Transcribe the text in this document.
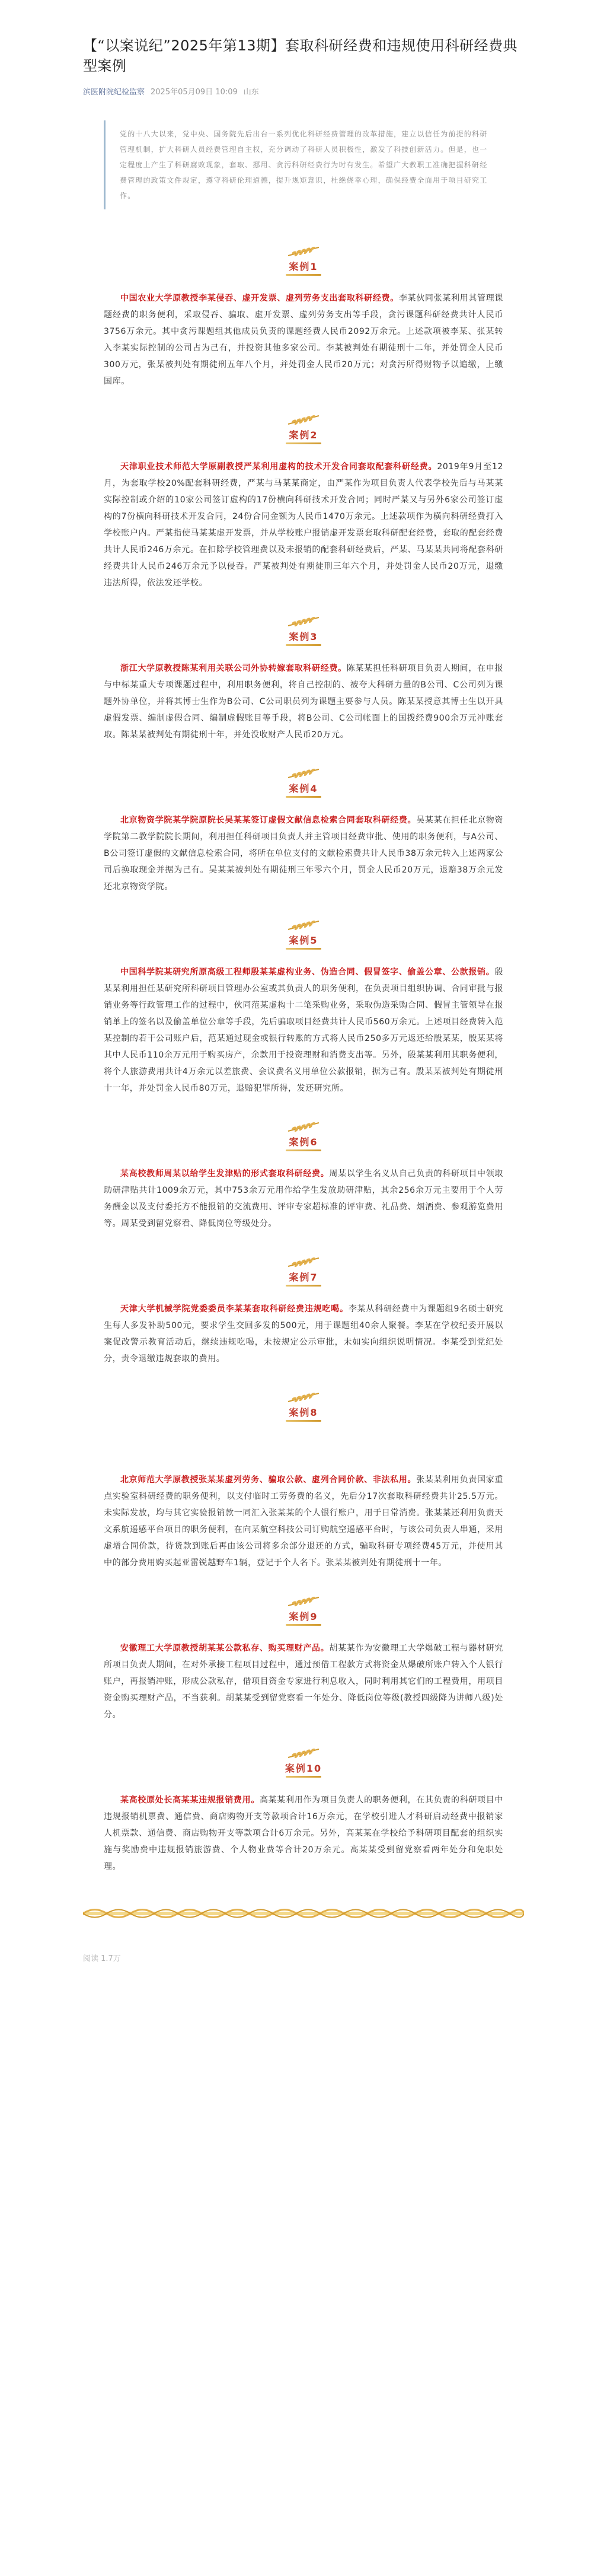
【“以案说纪”2025年第13期】套取科研经费和违规使用科研经费典型案例
滨医附院纪检监察 2025年05月09日 10:09 山东
党的十八大以来，党中央、国务院先后出台一系列优化科研经费管理的改革措施，建立以信任为前提的科研管理机制，扩大科研人员经费管理自主权，充分调动了科研人员积极性，激发了科技创新活力。但是，也一定程度上产生了科研腐败现象，套取、挪用、贪污科研经费行为时有发生。希望广大教职工准确把握科研经费管理的政策文件规定，遵守科研伦理道德，提升规矩意识，杜绝侥幸心理，确保经费全面用于项目研究工作。
案例1

中国农业大学原教授李某侵吞、虚开发票、虚列劳务支出套取科研经费。李某伙同张某利用其管理课题经费的职务便利，采取侵吞、骗取、虚开发票、虚列劳务支出等手段，贪污课题科研经费共计人民币3756万余元。其中贪污课题组其他成员负责的课题经费人民币2092万余元。上述款项被李某、张某转入李某实际控制的公司占为己有，并投资其他多家公司。李某被判处有期徒刑十二年，并处罚金人民币300万元，张某被判处有期徒刑五年八个月，并处罚金人民币20万元；对贪污所得财物予以追缴，上缴国库。

案例2

天津职业技术师范大学原副教授严某利用虚构的技术开发合同套取配套科研经费。2019年9月至12月，为套取学校20%配套科研经费，严某与马某某商定，由严某作为项目负责人代表学校先后与马某某实际控制或介绍的10家公司签订虚构的17份横向科研技术开发合同；同时严某又与另外6家公司签订虚构的7份横向科研技术开发合同，24份合同金额为人民币1470万余元。上述款项作为横向科研经费打入学校账户内。严某指使马某某虚开发票，并从学校账户报销虚开发票套取科研配套经费，套取的配套经费共计人民币246万余元。在扣除学校管理费以及未报销的配套科研经费后，严某、马某某共同将配套科研经费共计人民币246万余元予以侵吞。严某被判处有期徒刑三年六个月，并处罚金人民币20万元，退缴违法所得，依法发还学校。

案例3

浙江大学原教授陈某利用关联公司外协转嫁套取科研经费。陈某某担任科研项目负责人期间，在申报与中标某重大专项课题过程中，利用职务便利，将自己控制的、被夸大科研力量的B公司、C公司列为课题外协单位，并将其博士生作为B公司、C公司职员列为课题主要参与人员。陈某某授意其博士生以开具虚假发票、编制虚假合同、编制虚假账目等手段，将B公司、C公司帐面上的国拨经费900余万元冲账套取。陈某某被判处有期徒刑十年，并处没收财产人民币20万元。

案例4

北京物资学院某学院原院长吴某某签订虚假文献信息检索合同套取科研经费。吴某某在担任北京物资学院第二教学院院长期间，利用担任科研项目负责人并主管项目经费审批、使用的职务便利，与A公司、B公司签订虚假的文献信息检索合同，将所在单位支付的文献检索费共计人民币38万余元转入上述两家公司后换取现金并据为己有。吴某某被判处有期徒刑三年零六个月，罚金人民币20万元，退赔38万余元发还北京物资学院。

案例5

中国科学院某研究所原高级工程师殷某某虚构业务、伪造合同、假冒签字、偷盖公章、公款报销。殷某某利用担任某研究所科研项目管理办公室或其负责人的职务便利，在负责项目组织协调、合同审批与报销业务等行政管理工作的过程中，伙同范某虚构十二笔采购业务，采取伪造采购合同、假冒主管领导在报销单上的签名以及偷盖单位公章等手段，先后骗取项目经费共计人民币560万余元。上述项目经费转入范某控制的若干公司账户后，范某通过现金或银行转账的方式将人民币250多万元返还给殷某某，殷某某将其中人民币110余万元用于购买房产，余款用于投资理财和消费支出等。另外，殷某某利用其职务便利，将个人旅游费用共计4万余元以差旅费、会议费名义用单位公款报销，据为己有。殷某某被判处有期徒刑十一年，并处罚金人民币80万元，退赔犯罪所得，发还研究所。

案例6

某高校教师周某以给学生发津贴的形式套取科研经费。周某以学生名义从自己负责的科研项目中领取助研津贴共计1009余万元，其中753余万元用作给学生发放助研津贴，其余256余万元主要用于个人劳务酬金以及支付委托方不能报销的交流费用、评审专家超标准的评审费、礼品费、烟酒费、参观游览费用等。周某受到留党察看、降低岗位等级处分。

案例7

天津大学机械学院党委委员李某某套取科研经费违规吃喝。李某从科研经费中为课题组9名硕士研究生每人多发补助500元，要求学生交回多发的500元，用于课题组40余人聚餐。李某在学校纪委开展以案促改警示教育活动后，继续违规吃喝，未按规定公示审批，未如实向组织说明情况。李某受到党纪处分，责令退缴违规套取的费用。

案例8

北京师范大学原教授张某某虚列劳务、骗取公款、虚列合同价款、非法私用。张某某利用负责国家重点实验室科研经费的职务便利，以支付临时工劳务费的名义，先后分17次套取科研经费共计25.5万元。未实际发放，均与其它实验报销款一同汇入张某某的个人银行账户，用于日常消费。张某某还利用负责天文系航遥感平台项目的职务便利，在向某航空科技公司订购航空遥感平台时，与该公司负责人串通，采用虚增合同价款，待货款到账后再由该公司将多余部分退还的方式，骗取科研专项经费45万元，并使用其中的部分费用购买起亚雷锐越野车1辆，登记于个人名下。张某某被判处有期徒刑十一年。

案例9

安徽理工大学原教授胡某某公款私存、购买理财产品。胡某某作为安徽理工大学爆破工程与器材研究所项目负责人期间，在对外承接工程项目过程中，通过预借工程款方式将资金从爆破所账户转入个人银行账户，再报销冲账，形成公款私存，借项目资金专家进行利息收入，同时利用其它们的工程费用，用项目资金购买理财产品，不当获利。胡某某受到留党察看一年处分、降低岗位等级(教授四级降为讲师八级)处分。

案例10

某高校原处长高某某违规报销费用。高某某利用作为项目负责人的职务便利，在其负责的科研项目中违规报销机票费、通信费、商店购物开支等款项合计16万余元，在学校引进人才科研启动经费中报销家人机票款、通信费、商店购物开支等款项合计6万余元。另外，高某某在学校给予科研项目配套的组织实施与奖励费中违规报销旅游费、个人物业费等合计20万余元。高某某受到留党察看两年处分和免职处理。

阅读 1.7万
